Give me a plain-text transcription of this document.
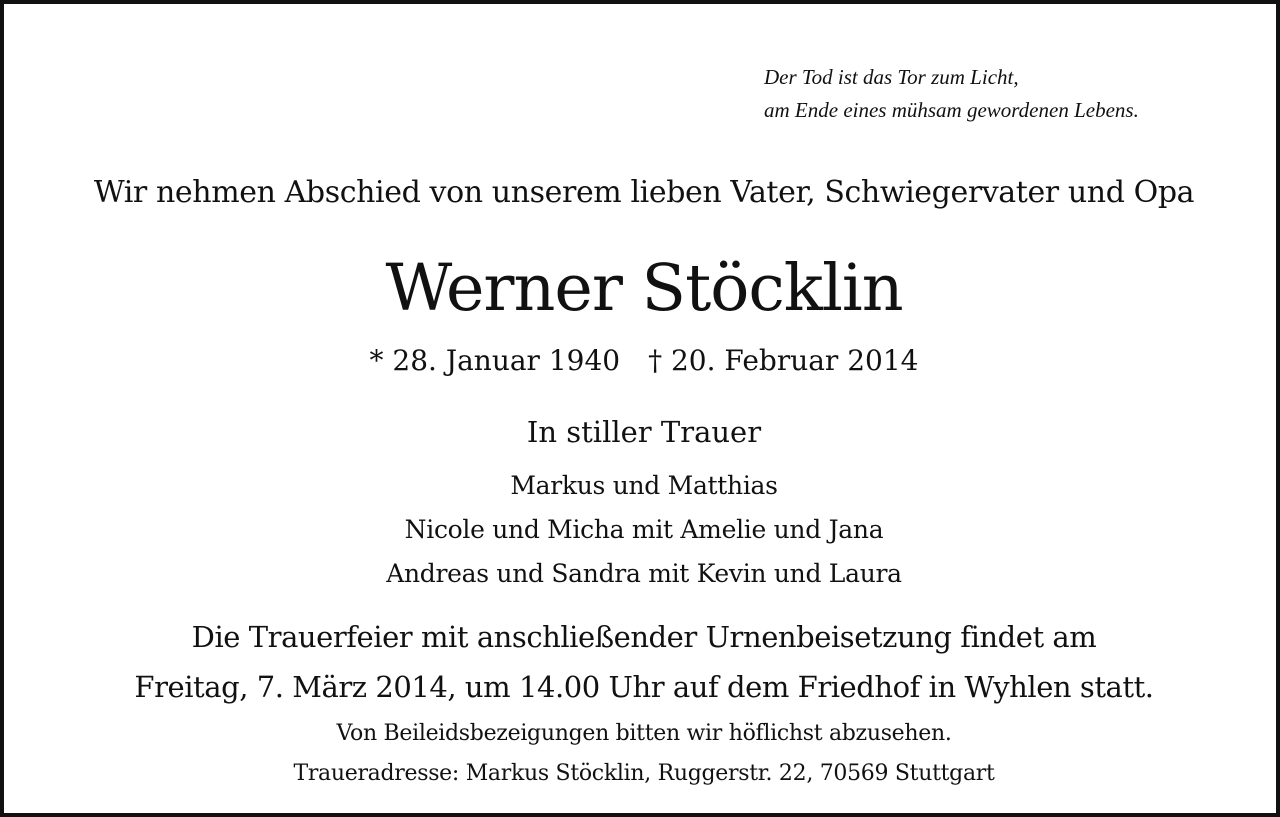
Der Tod ist das Tor zum Licht,
am Ende eines mühsam gewordenen Lebens.
Wir nehmen Abschied von unserem lieben Vater, Schwiegervater und Opa
Werner Stöcklin
* 28. Januar 1940 † 20. Februar 2014
In stiller Trauer
Markus und Matthias
Nicole und Micha mit Amelie und Jana
Andreas und Sandra mit Kevin und Laura
Die Trauerfeier mit anschließender Urnenbeisetzung findet am
Freitag, 7. März 2014, um 14.00 Uhr auf dem Friedhof in Wyhlen statt.
Von Beileidsbezeigungen bitten wir höflichst abzusehen.
Traueradresse: Markus Stöcklin, Ruggerstr. 22, 70569 Stuttgart
